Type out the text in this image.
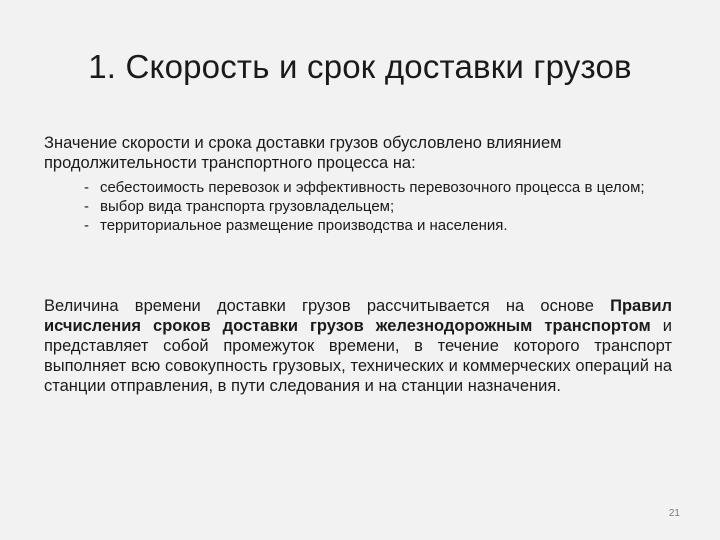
1. Скорость и срок доставки грузов
Значение скорости и срока доставки грузов обусловлено влиянием продолжительности транспортного процесса на:
- себестоимость перевозок и эффективность перевозочного процесса в целом;
- выбор вида транспорта грузовладельцем;
- территориальное размещение производства и населения.
Величина времени доставки грузов рассчитывается на основе Правил исчисления сроков доставки грузов железнодорожным транспортом и представляет собой промежуток времени, в течение которого транспорт выполняет всю совокупность грузовых, технических и коммерческих операций на станции отправления, в пути следования и на станции назначения.
21
